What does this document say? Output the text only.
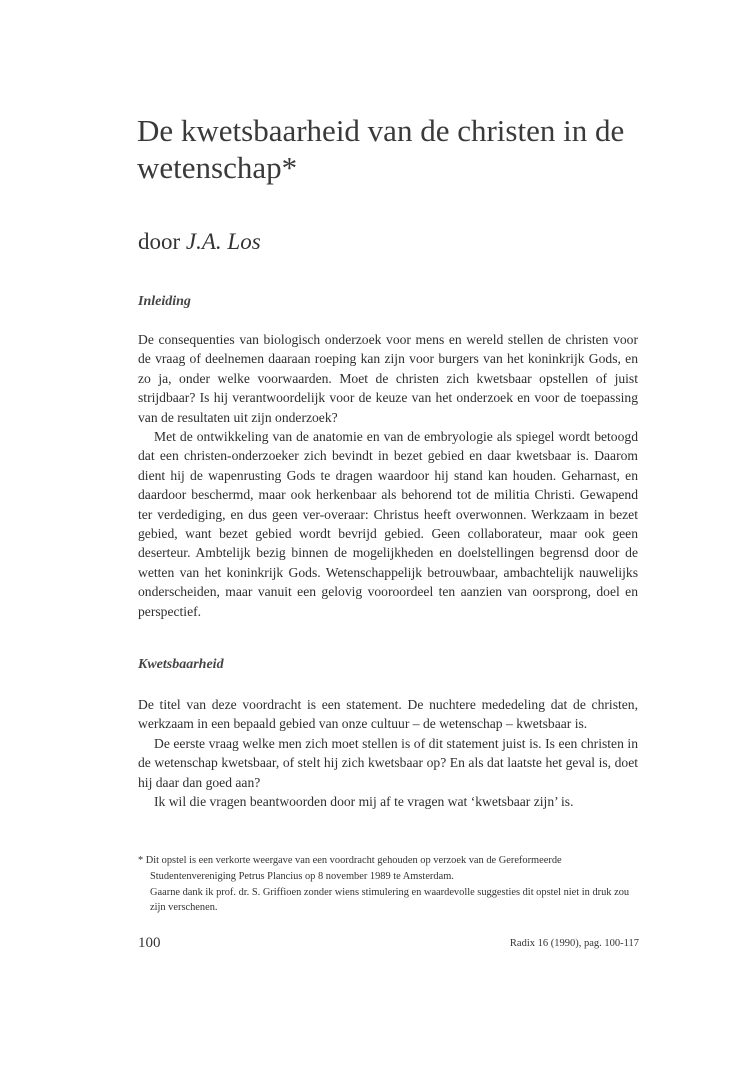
De kwetsbaarheid van de christen in de wetenschap*
door J.A. Los
Inleiding

De consequenties van biologisch onderzoek voor mens en wereld stellen de christen voor de vraag of deelnemen daaraan roeping kan zijn voor burgers van het koninkrijk Gods, en zo ja, onder welke voorwaarden. Moet de christen zich kwetsbaar opstellen of juist strijdbaar? Is hij verantwoordelijk voor de keuze van het onderzoek en voor de toepassing van de resultaten uit zijn onderzoek?

Met de ontwikkeling van de anatomie en van de embryologie als spiegel wordt betoogd dat een christen-onderzoeker zich bevindt in bezet gebied en daar kwetsbaar is. Daarom dient hij de wapenrusting Gods te dragen waardoor hij stand kan houden. Geharnast, en daardoor beschermd, maar ook herkenbaar als behorend tot de militia Christi. Gewapend ter verdediging, en dus geen ver-overaar: Christus heeft overwonnen. Werkzaam in bezet gebied, want bezet gebied wordt bevrijd gebied. Geen collaborateur, maar ook geen deserteur. Ambtelijk bezig binnen de mogelijkheden en doelstellingen begrensd door de wetten van het koninkrijk Gods. Wetenschappelijk betrouwbaar, ambachtelijk nauwelijks onderscheiden, maar vanuit een gelovig vooroordeel ten aanzien van oorsprong, doel en perspectief.

Kwetsbaarheid

De titel van deze voordracht is een statement. De nuchtere mededeling dat de christen, werkzaam in een bepaald gebied van onze cultuur – de wetenschap – kwetsbaar is.

De eerste vraag welke men zich moet stellen is of dit statement juist is. Is een christen in de wetenschap kwetsbaar, of stelt hij zich kwetsbaar op? En als dat laatste het geval is, doet hij daar dan goed aan?

Ik wil die vragen beantwoorden door mij af te vragen wat ‘kwetsbaar zijn’ is.

* Dit opstel is een verkorte weergave van een voordracht gehouden op verzoek van de Gereformeerde Studentenvereniging Petrus Plancius op 8 november 1989 te Amsterdam.

Gaarne dank ik prof. dr. S. Griffioen zonder wiens stimulering en waardevolle suggesties dit opstel niet in druk zou zijn verschenen.

100	Radix 16 (1990), pag. 100-117
